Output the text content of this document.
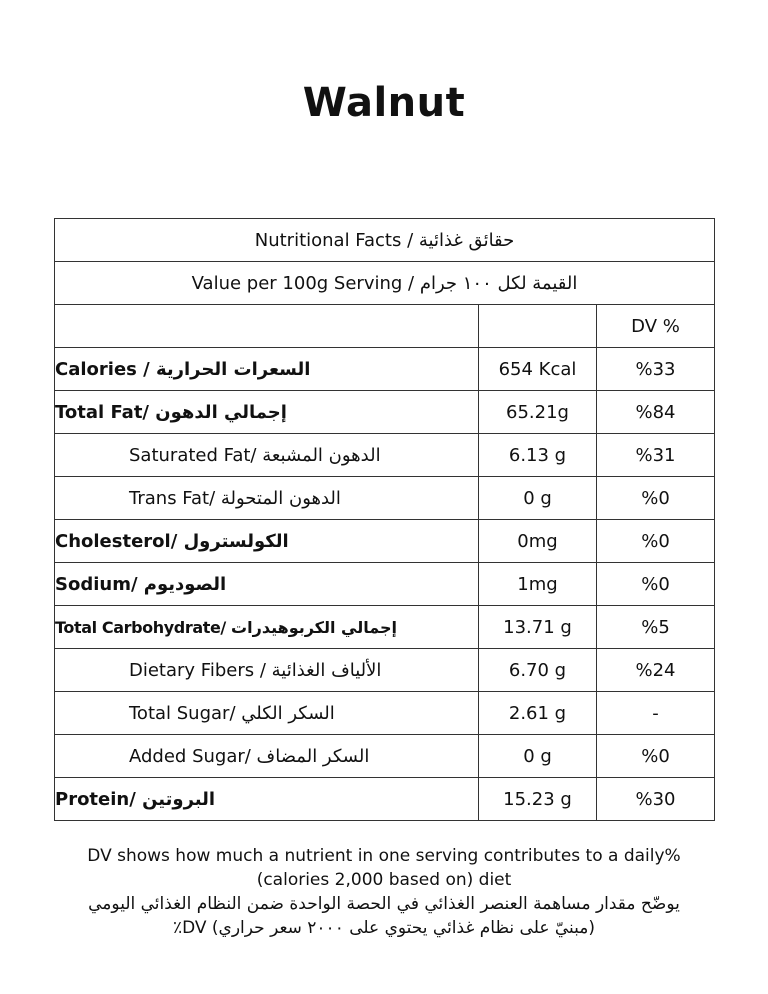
Walnut
Nutritional Facts / حقائق غذائية		
Value per 100g Serving / القيمة لكل ١٠٠ جرام		
		DV %
Calories / السعرات الحرارية	654 Kcal	%33
Total Fat/ إجمالي الدهون	65.21g	%84
Saturated Fat/ الدهون المشبعة	6.13 g	%31
Trans Fat/ الدهون المتحولة	0 g	%0
Cholesterol/ الكولسترول	0mg	%0
Sodium/ الصوديوم	1mg	%0
Total Carbohydrate/ إجمالي الكربوهيدرات	13.71 g	%5
Dietary Fibers / الألياف الغذائية	6.70 g	%24
Total Sugar/ السكر الكلي	2.61 g	-
Added Sugar/ السكر المضاف	0 g	%0
Protein/ البروتين	15.23 g	%30
DV shows how much a nutrient in one serving contributes to a daily%
(calories 2,000 based on) diet
يوضّح مقدار مساهمة العنصر الغذائي في الحصة الواحدة ضمن النظام الغذائي اليومي
(مبنيّ على نظام غذائي يحتوي على ٢٠٠٠ سعر حراري) DV٪
